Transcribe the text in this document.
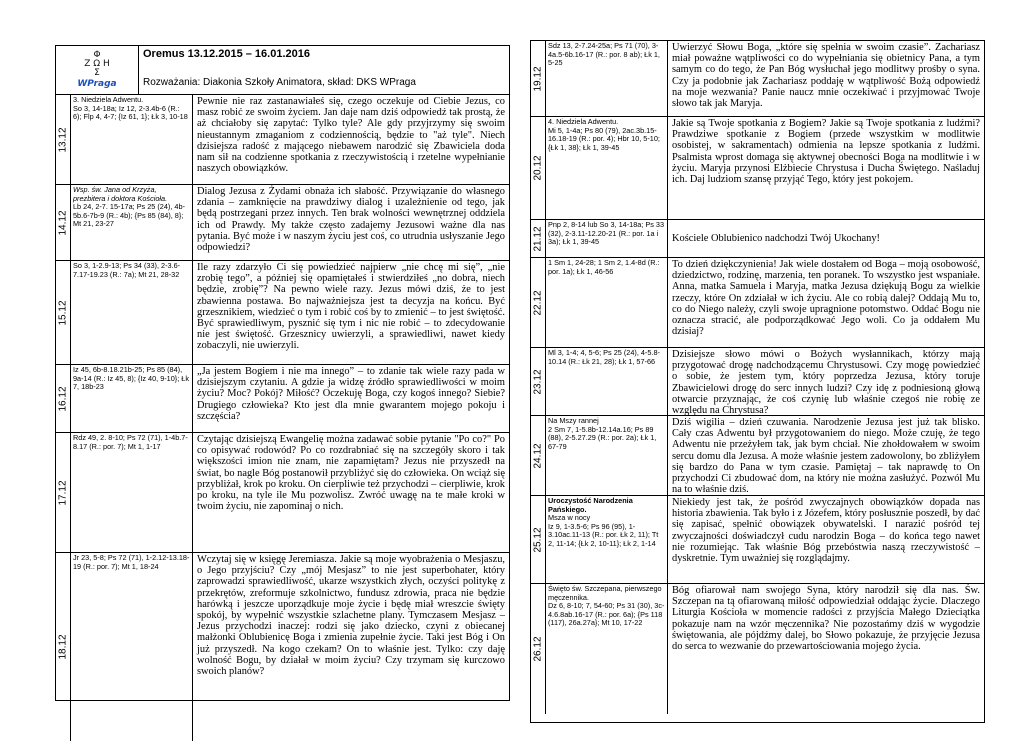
Φ
Ζ Ω Η
Σ
WPraga
Oremus 13.12.2015 – 16.01.2016
Rozważania: Diakonia Szkoły Animatora, skład: DKS WPraga
13.12
3. Niedziela Adwentu.
So 3, 14-18a; Iz 12, 2-3.4b-6 (R.: 6); Flp 4, 4-7; {Iz 61, 1}; Łk 3, 10-18
Pewnie nie raz zastanawiałeś się, czego oczekuje od Ciebie Jezus, co masz robić ze swoim życiem. Jan daje nam dziś odpowiedź tak prostą, że aż chciałoby się zapytać: Tylko tyle? Ale gdy przyjrzymy się swoim nieustannym zmaganiom z codziennością, będzie to "aż tyle". Niech dzisiejsza radość z mającego niebawem narodzić się Zbawiciela doda nam sił na codzienne spotkania z rzeczywistością i rzetelne wypełnianie naszych obowiązków.
14.12
Wsp. św. Jana od Krzyża, prezbitera i doktora Kościoła.
Lb 24, 2-7. 15-17a; Ps 25 (24), 4b-5b.6-7b-9 (R.: 4b); {Ps 85 (84), 8}; Mt 21, 23-27
Dialog Jezusa z Żydami obnaża ich słabość. Przywiązanie do własnego zdania – zamknięcie na prawdziwy dialog i uzależnienie od tego, jak będą postrzegani przez innych. Ten brak wolności wewnętrznej oddziela ich od Prawdy. My także często zadajemy Jezusowi ważne dla nas pytania. Być może i w naszym życiu jest coś, co utrudnia usłyszanie Jego odpowiedzi?
15.12
So 3, 1-2.9-13; Ps 34 (33), 2-3.6-7.17-19.23 (R.: 7a); Mt 21, 28-32
Ile razy zdarzyło Ci się powiedzieć najpierw „nie chcę mi się”, „nie zrobię tego”, a później się opamiętałeś i stwierdziłeś „no dobra, niech będzie, zrobię”? Na pewno wiele razy. Jezus mówi dziś, że to jest zbawienna postawa. Bo najważniejsza jest ta decyzja na końcu. Być grzesznikiem, wiedzieć o tym i robić coś by to zmienić – to jest świętość. Być sprawiedliwym, pysznić się tym i nic nie robić – to zdecydowanie nie jest świętość. Grzesznicy uwierzyli, a sprawiedliwi, nawet kiedy zobaczyli, nie uwierzyli.
16.12
Iz 45, 6b-8.18.21b-25; Ps 85 (84), 9a-14 (R.: Iz 45, 8); {Iz 40, 9-10}; Łk 7, 18b-23
„Ja jestem Bogiem i nie ma innego” – to zdanie tak wiele razy pada w dzisiejszym czytaniu. A gdzie ja widzę źródło sprawiedliwości w moim życiu? Moc? Pokój? Miłość? Oczekuję Boga, czy kogoś innego? Siebie? Drugiego człowieka? Kto jest dla mnie gwarantem mojego pokoju i szczęścia?
17.12
Rdz 49, 2. 8-10; Ps 72 (71), 1-4b.7-8.17 (R.: por. 7); Mt 1, 1-17
Czytając dzisiejszą Ewangelię można zadawać sobie pytanie "Po co?" Po co opisywać rodowód? Po co rozdrabniać się na szczegóły skoro i tak większości imion nie znam, nie zapamiętam? Jezus nie przyszedł na świat, bo nagle Bóg postanowił przybliżyć się do człowieka. On wciąż się przybliżał, krok po kroku. On cierpliwie też przychodzi – cierpliwie, krok po kroku, na tyle ile Mu pozwolisz. Zwróć uwagę na te małe kroki w twoim życiu, nie zapominaj o nich.
18.12
Jr 23, 5-8; Ps 72 (71), 1-2.12-13.18-19 (R.: por. 7); Mt 1, 18-24
Wczytaj się w księgę Jeremiasza. Jakie są moje wyobrażenia o Mesjaszu, o Jego przyjściu? Czy „mój Mesjasz” to nie jest superbohater, który zaprowadzi sprawiedliwość, ukarze wszystkich złych, oczyści politykę z przekrętów, zreformuje szkolnictwo, fundusz zdrowia, praca nie będzie harówką i jeszcze uporządkuje moje życie i będę miał wreszcie święty spokój, by wypełnić wszystkie szlachetne plany. Tymczasem Mesjasz – Jezus przychodzi inaczej: rodzi się jako dziecko, czyni z obiecanej małżonki Oblubienicę Boga i zmienia zupełnie życie. Taki jest Bóg i On już przyszedł. Na kogo czekam? On to właśnie jest. Tylko: czy daję wolność Bogu, by działał w moim życiu? Czy trzymam się kurczowo swoich planów?
19.12
Sdz 13, 2-7.24-25a; Ps 71 (70), 3-4a.5-6b.16-17 (R.: por. 8 ab); Łk 1, 5-25
Uwierzyć Słowu Boga, „które się spełnia w swoim czasie”. Zachariasz miał poważne wątpliwości co do wypełniania się obietnicy Pana, a tym samym co do tego, że Pan Bóg wysłuchał jego modlitwy prośby o syna. Czy ja podobnie jak Zachariasz poddaję w wątpliwość Bożą odpowiedź na moje wezwania? Panie naucz mnie oczekiwać i przyjmować Twoje słowo tak jak Maryja.
20.12
4. Niedziela Adwentu.
Mi 5, 1-4a; Ps 80 (79), 2ac.3b.15-16.18-19 (R.: por. 4); Hbr 10, 5-10; {Łk 1, 38}; Łk 1, 39-45
Jakie są Twoje spotkania z Bogiem? Jakie są Twoje spotkania z ludźmi? Prawdziwe spotkanie z Bogiem (przede wszystkim w modlitwie osobistej, w sakramentach) odmienia na lepsze spotkania z ludźmi. Psalmista wprost domaga się aktywnej obecności Boga na modlitwie i w życiu. Maryja przynosi Elżbiecie Chrystusa i Ducha Świętego. Naśladuj ich. Daj ludziom szansę przyjąć Tego, który jest pokojem.
21.12
Pnp 2, 8-14 lub So 3, 14-18a; Ps 33 (32), 2-3.11-12.20-21 (R.: por. 1a i 3a); Łk 1, 39-45	Kościele Oblubienico nadchodzi Twój Ukochany!
22.12
1 Sm 1, 24-28; 1 Sm 2, 1.4-8d (R.: por. 1a); Łk 1, 46-56
To dzień dziękczynienia! Jak wiele dostałem od Boga – moją osobowość, dziedzictwo, rodzinę, marzenia, ten poranek. To wszystko jest wspaniałe. Anna, matka Samuela i Maryja, matka Jezusa dziękują Bogu za wielkie rzeczy, które On zdziałał w ich życiu. Ale co robią dalej? Oddają Mu to, co do Niego należy, czyli swoje upragnione potomstwo. Oddać Bogu nie oznacza stracić, ale podporządkować Jego woli. Co ja oddałem Mu dzisiaj?
23.12
Ml 3, 1-4; 4, 5-6; Ps 25 (24), 4-5.8-10.14 (R.: Łk 21, 28); Łk 1, 57-66
Dzisiejsze słowo mówi o Bożych wysłannikach, którzy mają przygotować drogę nadchodzącemu Chrystusowi. Czy mogę powiedzieć o sobie, że jestem tym, który poprzedza Jezusa, który toruje Zbawicielowi drogę do serc innych ludzi? Czy idę z podniesioną głową otwarcie przyznając, że coś czynię lub właśnie czegoś nie robię ze względu na Chrystusa?
24.12
Na Mszy rannej
2 Sm 7, 1-5.8b-12.14a.16; Ps 89 (88), 2-5.27.29 (R.: por. 2a); Łk 1, 67-79
Dziś wigilia – dzień czuwania. Narodzenie Jezusa jest już tak blisko. Cały czas Adwentu był przygotowaniem do niego. Może czuję, że tego Adwentu nie przeżyłem tak, jak bym chciał. Nie zhołdowałem w swoim sercu domu dla Jezusa. A może właśnie jestem zadowolony, bo zbliżyłem się bardzo do Pana w tym czasie. Pamiętaj – tak naprawdę to On przychodzi Ci zbudować dom, na który nie można zasłużyć. Pozwól Mu na to właśnie dziś.
25.12
Uroczystość Narodzenia Pańskiego.
Msza w nocy
Iz 9, 1-3.5-6; Ps 96 (95), 1-3.10ac.11-13 (R.: por. Łk 2, 11); Tt 2, 11-14; {Łk 2, 10-11}; Łk 2, 1-14
Niekiedy jest tak, że pośród zwyczajnych obowiązków dopada nas historia zbawienia. Tak było i z Józefem, który posłusznie poszedł, by dać się zapisać, spełnić obowiązek obywatelski. I narazić pośród tej zwyczajności doświadczył cudu narodzin Boga – do końca tego nawet nie rozumiejąc. Tak właśnie Bóg przebóstwia naszą rzeczywistość – dyskretnie. Tym uważniej się rozglądajmy.
26.12
Święto św. Szczepana, pierwszego męczennika.
Dz 6, 8-10; 7, 54-60; Ps 31 (30), 3c-4.6.8ab.16-17 (R.: por. 6a); {Ps 118 (117), 26a.27a}; Mt 10, 17-22
Bóg ofiarował nam swojego Syna, który narodził się dla nas. Św. Szczepan na tą ofiarowaną miłość odpowiedział oddając życie. Dlaczego Liturgia Kościoła w momencie radości z przyjścia Małego Dzieciątka pokazuje nam na wzór męczennika? Nie pozostańmy dziś w wygodzie świętowania, ale pójdźmy dalej, bo Słowo pokazuje, że przyjęcie Jezusa do serca to wezwanie do przewartościowania mojego życia.
